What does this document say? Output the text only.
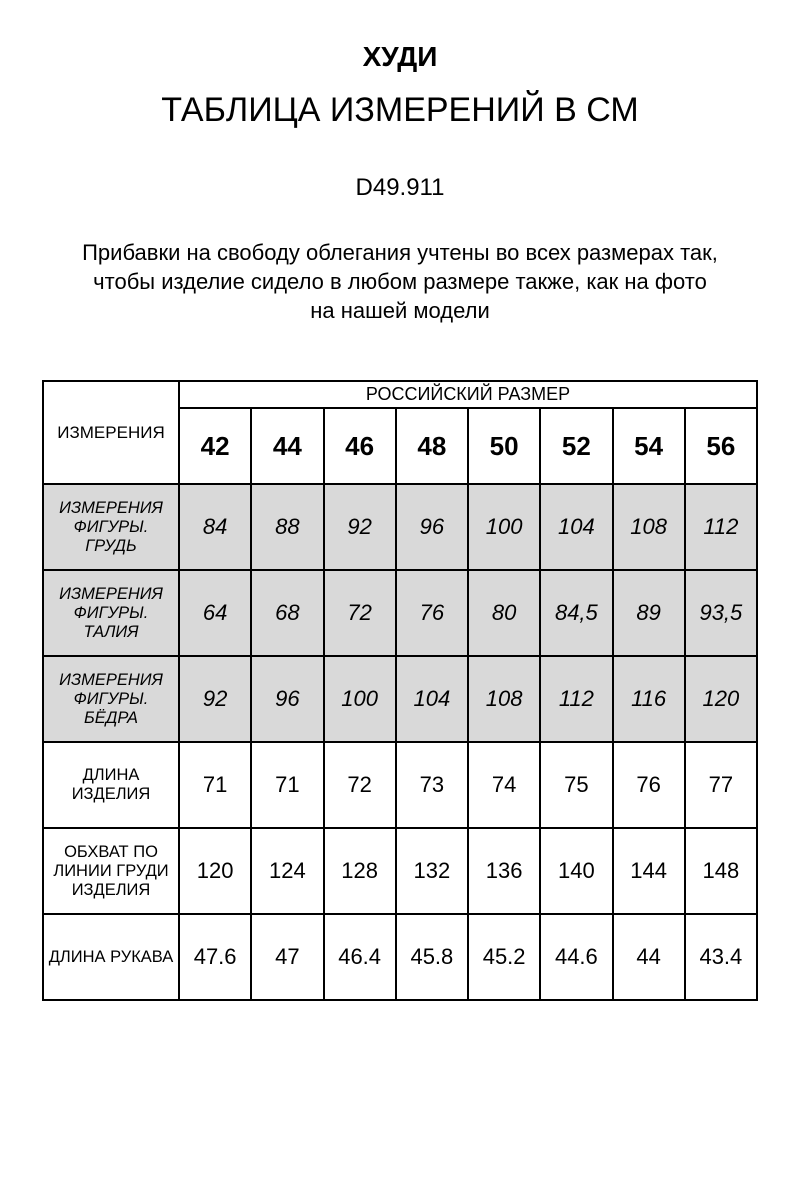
ХУДИ
ТАБЛИЦА ИЗМЕРЕНИЙ В СМ
D49.911
Прибавки на свободу облегания учтены во всех размерах так,
чтобы изделие сидело в любом размере также, как на фото
на нашей модели
ИЗМЕРЕНИЯ	РОССИЙСКИЙ РАЗМЕР							
	42	44	46	48	50	52	54	56
ИЗМЕРЕНИЯ ФИГУРЫ. ГРУДЬ	84	88	92	96	100	104	108	112
ИЗМЕРЕНИЯ ФИГУРЫ. ТАЛИЯ	64	68	72	76	80	84,5	89	93,5
ИЗМЕРЕНИЯ ФИГУРЫ. БЁДРА	92	96	100	104	108	112	116	120
ДЛИНА ИЗДЕЛИЯ	71	71	72	73	74	75	76	77
ОБХВАТ ПО ЛИНИИ ГРУДИ ИЗДЕЛИЯ	120	124	128	132	136	140	144	148
ДЛИНА РУКАВА	47.6	47	46.4	45.8	45.2	44.6	44	43.4
